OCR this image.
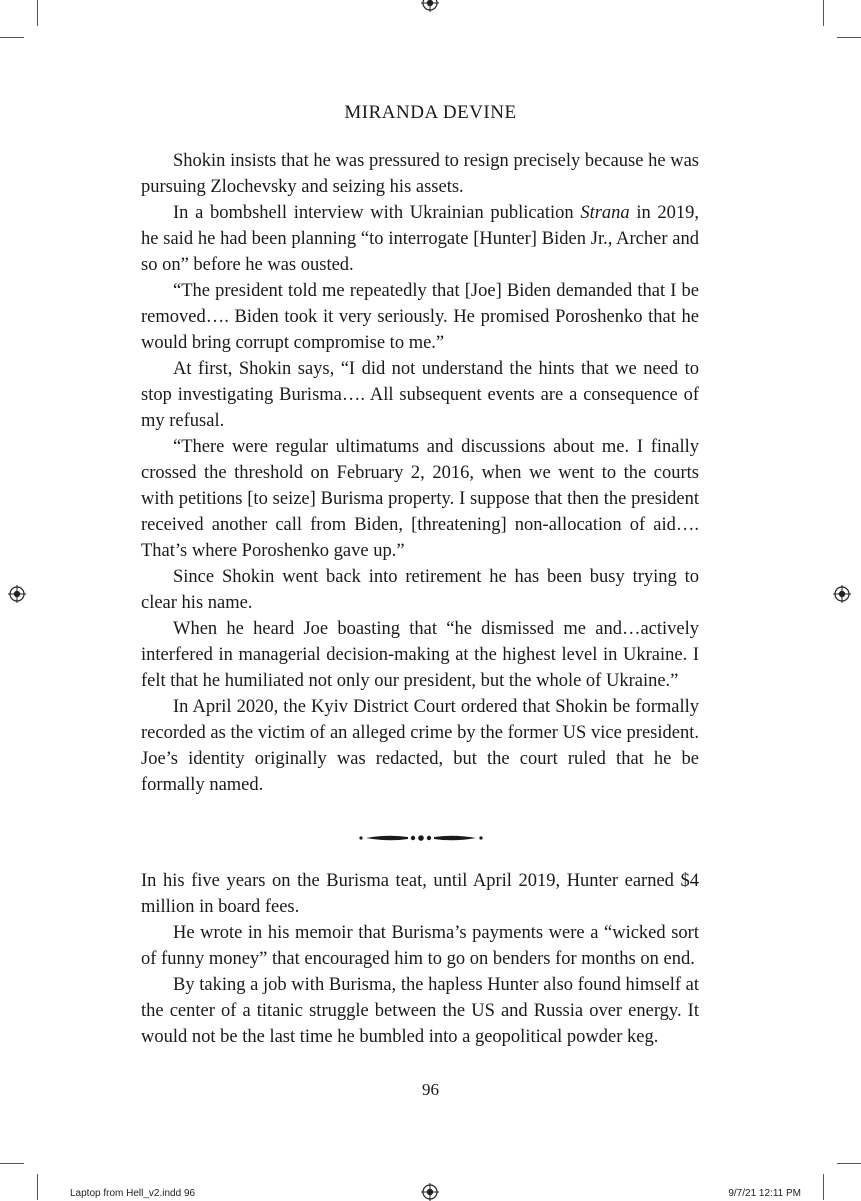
MIRANDA DEVINE

Shokin insists that he was pressured to resign precisely because he was pursuing Zlochevsky and seizing his assets.

In a bombshell interview with Ukrainian publication Strana in 2019, he said he had been planning “to interrogate [Hunter] Biden Jr., Archer and so on” before he was ousted.

“The president told me repeatedly that [Joe] Biden demanded that I be removed…. Biden took it very seriously. He promised Poroshenko that he would bring corrupt compromise to me.”

At first, Shokin says, “I did not understand the hints that we need to stop investigating Burisma…. All subsequent events are a consequence of my refusal.

“There were regular ultimatums and discussions about me. I finally crossed the threshold on February 2, 2016, when we went to the courts with petitions [to seize] Burisma property. I suppose that then the president received another call from Biden, [threatening] non-allocation of aid…. That’s where Poroshenko gave up.”

Since Shokin went back into retirement he has been busy trying to clear his name.

When he heard Joe boasting that “he dismissed me and…actively interfered in managerial decision-making at the highest level in Ukraine. I felt that he humiliated not only our president, but the whole of Ukraine.”

In April 2020, the Kyiv District Court ordered that Shokin be formally recorded as the victim of an alleged crime by the former US vice president. Joe’s identity originally was redacted, but the court ruled that he be formally named.

In his five years on the Burisma teat, until April 2019, Hunter earned $4 million in board fees.

He wrote in his memoir that Burisma’s payments were a “wicked sort of funny money” that encouraged him to go on benders for months on end.

By taking a job with Burisma, the hapless Hunter also found himself at the center of a titanic struggle between the US and Russia over energy. It would not be the last time he bumbled into a geopolitical powder keg.

96
Laptop from Hell_v2.indd 96	9/7/21 12:11 PM
